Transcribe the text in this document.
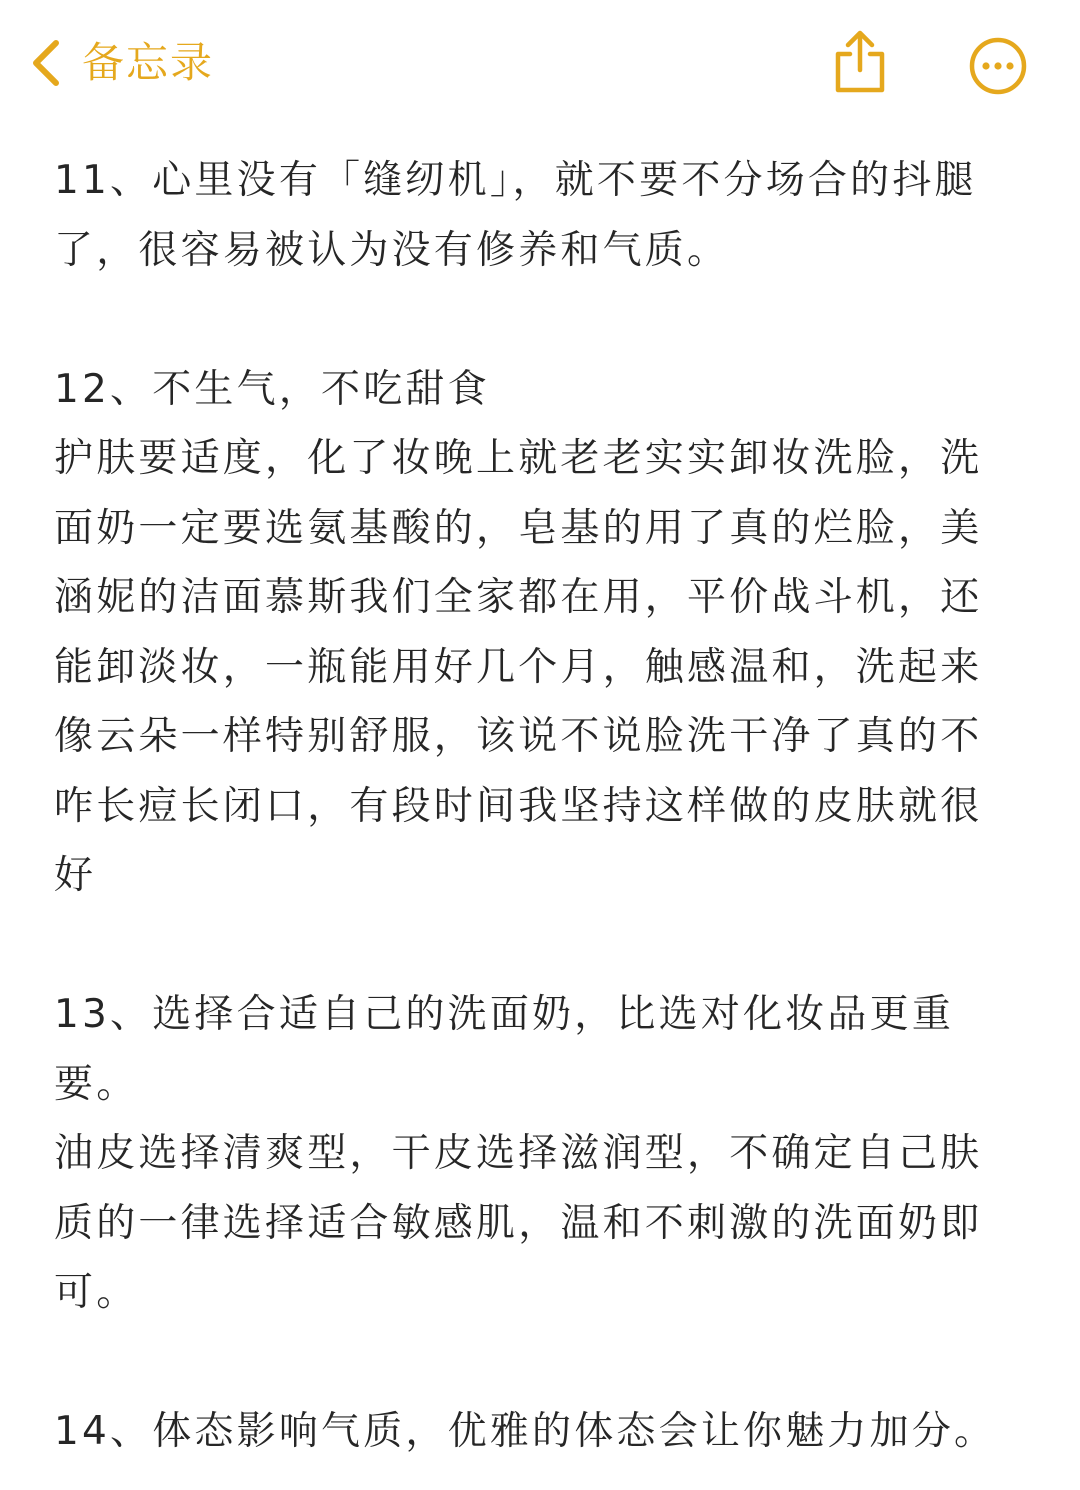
备忘录

11、心里没有「缝纫机」，就不要不分场合的抖腿了，很容易被认为没有修养和气质。

12、不生气，不吃甜食
护肤要适度，化了妆晚上就老老实实卸妆洗脸，洗面奶一定要选氨基酸的，皂基的用了真的烂脸，美涵妮的洁面慕斯我们全家都在用，平价战斗机，还能卸淡妆，一瓶能用好几个月，触感温和，洗起来像云朵一样特别舒服，该说不说脸洗干净了真的不咋长痘长闭口，有段时间我坚持这样做的皮肤就很好

13、选择合适自己的洗面奶，比选对化妆品更重要。
油皮选择清爽型，干皮选择滋润型，不确定自己肤质的一律选择适合敏感肌，温和不刺激的洗面奶即可。

14、体态影响气质，优雅的体态会让你魅力加分。
